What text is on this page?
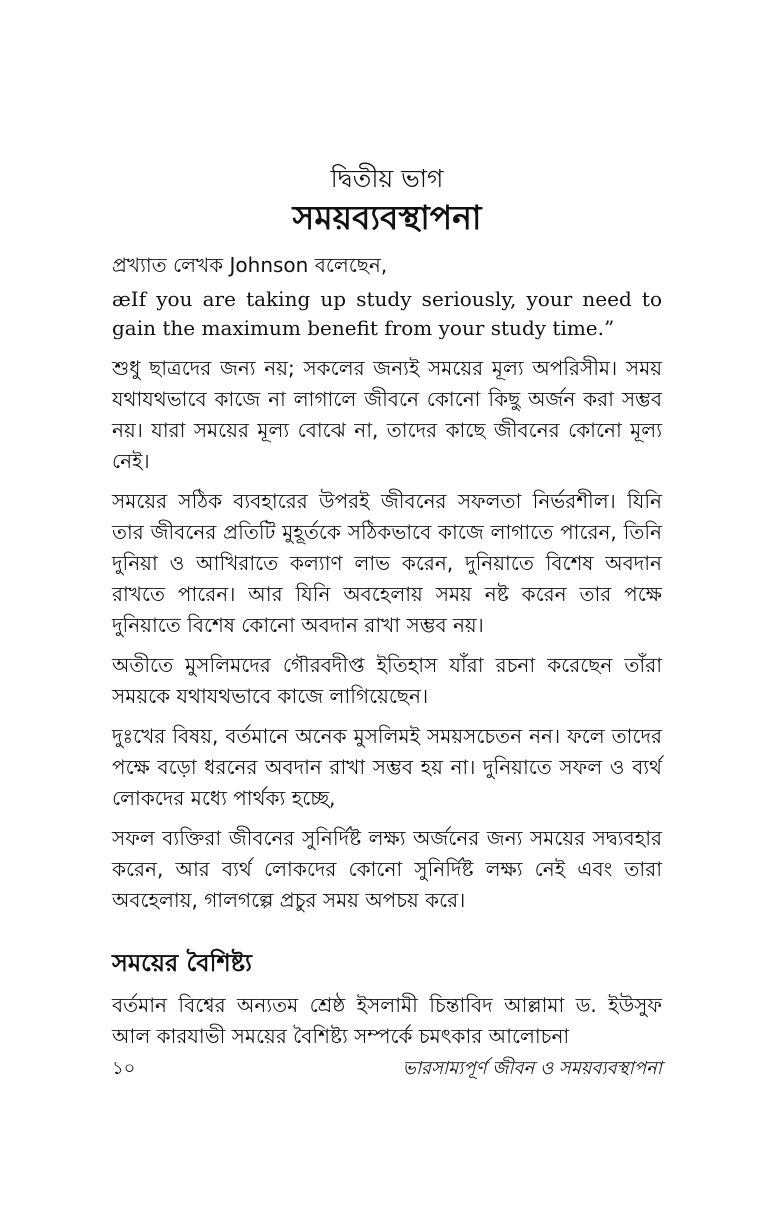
দ্বিতীয় ভাগ
সময়ব্যবস্থাপনা

প্রখ্যাত লেখক Johnson বলেছেন,

ӕIf you are taking up study seriously, your need to gain the maximum benefit from your study time.”

শুধু ছাত্রদের জন্য নয়; সকলের জন্যই সময়ের মূল্য অপরিসীম। সময় যথাযথভাবে কাজে না লাগালে জীবনে কোনো কিছু অর্জন করা সম্ভব নয়। যারা সময়ের মূল্য বোঝে না, তাদের কাছে জীবনের কোনো মূল্য নেই।

সময়ের সঠিক ব্যবহারের উপরই জীবনের সফলতা নির্ভরশীল। যিনি তার জীবনের প্রতিটি মুহূর্তকে সঠিকভাবে কাজে লাগাতে পারেন, তিনি দুনিয়া ও আখিরাতে কল্যাণ লাভ করেন, দুনিয়াতে বিশেষ অবদান রাখতে পারেন। আর যিনি অবহেলায় সময় নষ্ট করেন তার পক্ষে দুনিয়াতে বিশেষ কোনো অবদান রাখা সম্ভব নয়।

অতীতে মুসলিমদের গৌরবদীপ্ত ইতিহাস যাঁরা রচনা করেছেন তাঁরা সময়কে যথাযথভাবে কাজে লাগিয়েছেন।

দুঃখের বিষয়, বর্তমানে অনেক মুসলিমই সময়সচেতন নন। ফলে তাদের পক্ষে বড়ো ধরনের অবদান রাখা সম্ভব হয় না। দুনিয়াতে সফল ও ব্যর্থ লোকদের মধ্যে পার্থক্য হচ্ছে,

সফল ব্যক্তিরা জীবনের সুনির্দিষ্ট লক্ষ্য অর্জনের জন্য সময়ের সদ্ব্যবহার করেন, আর ব্যর্থ লোকদের কোনো সুনির্দিষ্ট লক্ষ্য নেই এবং তারা অবহেলায়, গালগল্পে প্রচুর সময় অপচয় করে।

সময়ের বৈশিষ্ট্য

বর্তমান বিশ্বের অন্যতম শ্রেষ্ঠ ইসলামী চিন্তাবিদ আল্লামা ড. ইউসুফ আল কারযাভী সময়ের বৈশিষ্ট্য সম্পর্কে চমৎকার আলোচনা

১০	ভারসাম্যপূর্ণ জীবন ও সময়ব্যবস্থাপনা
